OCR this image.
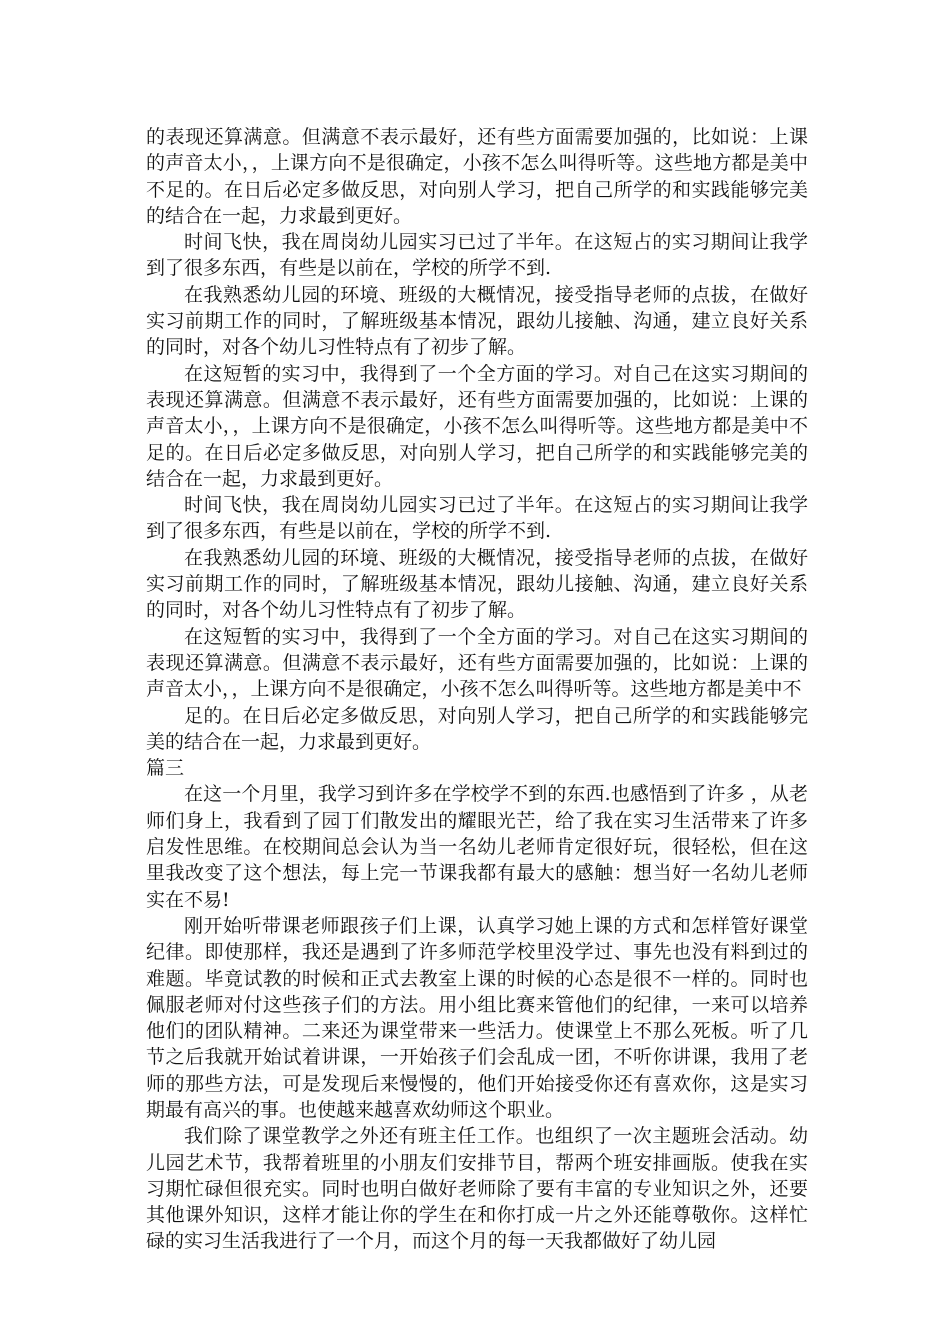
的表现还算满意。但满意不表示最好，还有些方面需要加强的，比如说：上课的声音太小，，上课方向不是很确定，小孩不怎么叫得听等。这些地方都是美中不足的。在日后必定多做反思，对向别人学习，把自己所学的和实践能够完美的结合在一起，力求最到更好。

时间飞快，我在周岗幼儿园实习已过了半年。在这短占的实习期间让我学到了很多东西，有些是以前在，学校的所学不到.

在我熟悉幼儿园的环境、班级的大概情况，接受指导老师的点拔，在做好实习前期工作的同时，了解班级基本情况，跟幼儿接触、沟通，建立良好关系的同时，对各个幼儿习性特点有了初步了解。

在这短暂的实习中，我得到了一个全方面的学习。对自己在这实习期间的表现还算满意。但满意不表示最好，还有些方面需要加强的，比如说：上课的声音太小，，上课方向不是很确定，小孩不怎么叫得听等。这些地方都是美中不足的。在日后必定多做反思，对向别人学习，把自己所学的和实践能够完美的结合在一起，力求最到更好。

时间飞快，我在周岗幼儿园实习已过了半年。在这短占的实习期间让我学到了很多东西，有些是以前在，学校的所学不到.

在我熟悉幼儿园的环境、班级的大概情况，接受指导老师的点拔，在做好实习前期工作的同时，了解班级基本情况，跟幼儿接触、沟通，建立良好关系的同时，对各个幼儿习性特点有了初步了解。

在这短暂的实习中，我得到了一个全方面的学习。对自己在这实习期间的表现还算满意。但满意不表示最好，还有些方面需要加强的，比如说：上课的声音太小，，上课方向不是很确定，小孩不怎么叫得听等。这些地方都是美中不

足的。在日后必定多做反思，对向别人学习，把自己所学的和实践能够完美的结合在一起，力求最到更好。

篇三

在这一个月里，我学习到许多在学校学不到的东西.也感悟到了许多 ，从老师们身上，我看到了园丁们散发出的耀眼光芒，给了我在实习生活带来了许多启发性思维。在校期间总会认为当一名幼儿老师肯定很好玩，很轻松，但在这里我改变了这个想法，每上完一节课我都有最大的感触：想当好一名幼儿老师实在不易!

刚开始听带课老师跟孩子们上课，认真学习她上课的方式和怎样管好课堂纪律。即使那样，我还是遇到了许多师范学校里没学过、事先也没有料到过的难题。毕竟试教的时候和正式去教室上课的时候的心态是很不一样的。同时也佩服老师对付这些孩子们的方法。用小组比赛来管他们的纪律，一来可以培养他们的团队精神。二来还为课堂带来一些活力。使课堂上不那么死板。听了几节之后我就开始试着讲课，一开始孩子们会乱成一团，不听你讲课，我用了老师的那些方法，可是发现后来慢慢的，他们开始接受你还有喜欢你，这是实习期最有高兴的事。也使越来越喜欢幼师这个职业。

我们除了课堂教学之外还有班主任工作。也组织了一次主题班会活动。幼儿园艺术节，我帮着班里的小朋友们安排节目，帮两个班安排画版。使我在实习期忙碌但很充实。同时也明白做好老师除了要有丰富的专业知识之外，还要其他课外知识，这样才能让你的学生在和你打成一片之外还能尊敬你。这样忙碌的实习生活我进行了一个月，而这个月的每一天我都做好了幼儿园
